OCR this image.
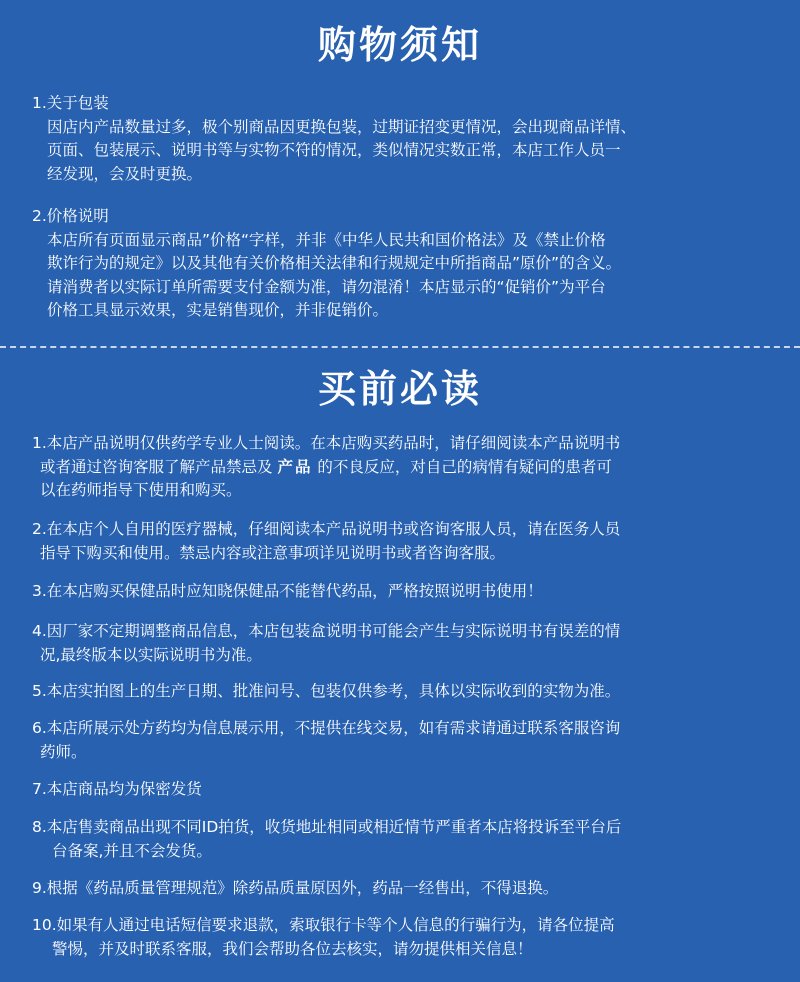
购物须知
1.关于包装
因店内产品数量过多，极个别商品因更换包装，过期证招变更情况，会出现商品详情、
页面、包装展示、说明书等与实物不符的情况，类似情况实数正常，本店工作人员一
经发现，会及时更换。
2.价格说明
本店所有页面显示商品”价格“字样，并非《中华人民共和国价格法》及《禁止价格
欺诈行为的规定》以及其他有关价格相关法律和行规规定中所指商品”原价”的含义。
请消费者以实际订单所需要支付金额为准，请勿混淆！本店显示的“促销价”为平台
价格工具显示效果，实是销售现价，并非促销价。
买前必读
1.本店产品说明仅供药学专业人士阅读。在本店购买药品时，请仔细阅读本产品说明书
或者通过咨询客服了解产品禁忌及 产品 的不良反应，对自己的病情有疑问的患者可
以在药师指导下使用和购买。
2.在本店个人自用的医疗器械，仔细阅读本产品说明书或咨询客服人员，请在医务人员
指导下购买和使用。禁忌内容或注意事项详见说明书或者咨询客服。
3.在本店购买保健品时应知晓保健品不能替代药品，严格按照说明书使用！
4.因厂家不定期调整商品信息，本店包装盒说明书可能会产生与实际说明书有误差的情
况,最终版本以实际说明书为准。
5.本店实拍图上的生产日期、批准问号、包装仅供参考，具体以实际收到的实物为准。
6.本店所展示处方药均为信息展示用，不提供在线交易，如有需求请通过联系客服咨询
药师。
7.本店商品均为保密发货
8.本店售卖商品出现不同ID拍货，收货地址相同或相近情节严重者本店将投诉至平台后
台备案,并且不会发货。
9.根据《药品质量管理规范》除药品质量原因外，药品一经售出，不得退换。
10.如果有人通过电话短信要求退款，索取银行卡等个人信息的行骗行为，请各位提高
警惕，并及时联系客服，我们会帮助各位去核实，请勿提供相关信息！
